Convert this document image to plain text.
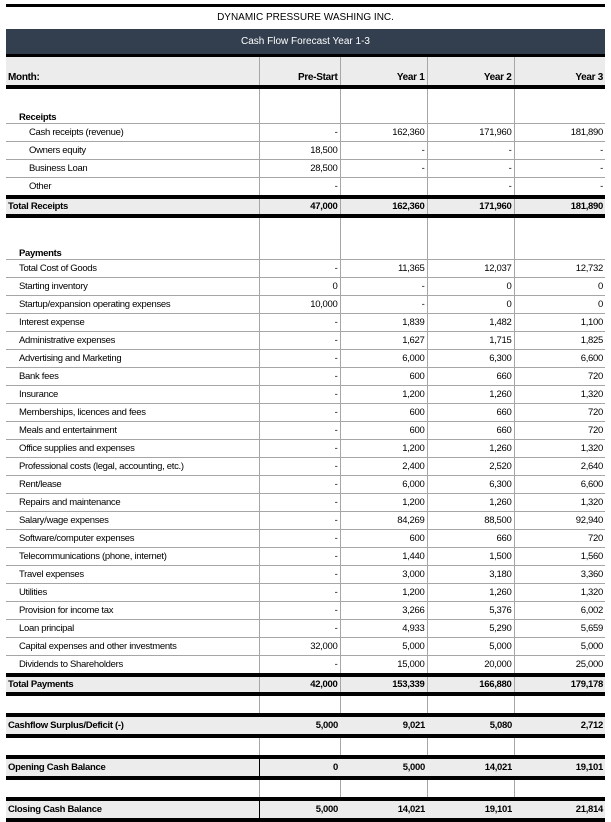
DYNAMIC PRESSURE WASHING INC.
Cash Flow Forecast Year 1-3
Month:	Pre-Start	Year 1	Year 2	Year 3

Receipts				
Cash receipts (revenue)	-	162,360	171,960	181,890
Owners equity	18,500	-	-	-
Business Loan	28,500	-	-	-
Other	-		-	-
Total Receipts	47,000	162,360	171,960	181,890

Payments				
Total Cost of Goods	-	11,365	12,037	12,732
Starting inventory	0	-	0	0
Startup/expansion operating expenses	10,000	-	0	0
Interest expense	-	1,839	1,482	1,100
Administrative expenses	-	1,627	1,715	1,825
Advertising and Marketing	-	6,000	6,300	6,600
Bank fees	-	600	660	720
Insurance	-	1,200	1,260	1,320
Memberships, licences and fees	-	600	660	720
Meals and entertainment	-	600	660	720
Office supplies and expenses	-	1,200	1,260	1,320
Professional costs (legal, accounting, etc.)	-	2,400	2,520	2,640
Rent/lease	-	6,000	6,300	6,600
Repairs and maintenance	-	1,200	1,260	1,320
Salary/wage expenses	-	84,269	88,500	92,940
Software/computer expenses	-	600	660	720
Telecommunications (phone, internet)	-	1,440	1,500	1,560
Travel expenses	-	3,000	3,180	3,360
Utilities	-	1,200	1,260	1,320
Provision for income tax	-	3,266	5,376	6,002
Loan principal	-	4,933	5,290	5,659
Capital expenses and other investments	32,000	5,000	5,000	5,000
Dividends to Shareholders	-	15,000	20,000	25,000
Total Payments	42,000	153,339	166,880	179,178

Cashflow Surplus/Deficit (-)	5,000	9,021	5,080	2,712

Opening Cash Balance	0	5,000	14,021	19,101

Closing Cash Balance	5,000	14,021	19,101	21,814
